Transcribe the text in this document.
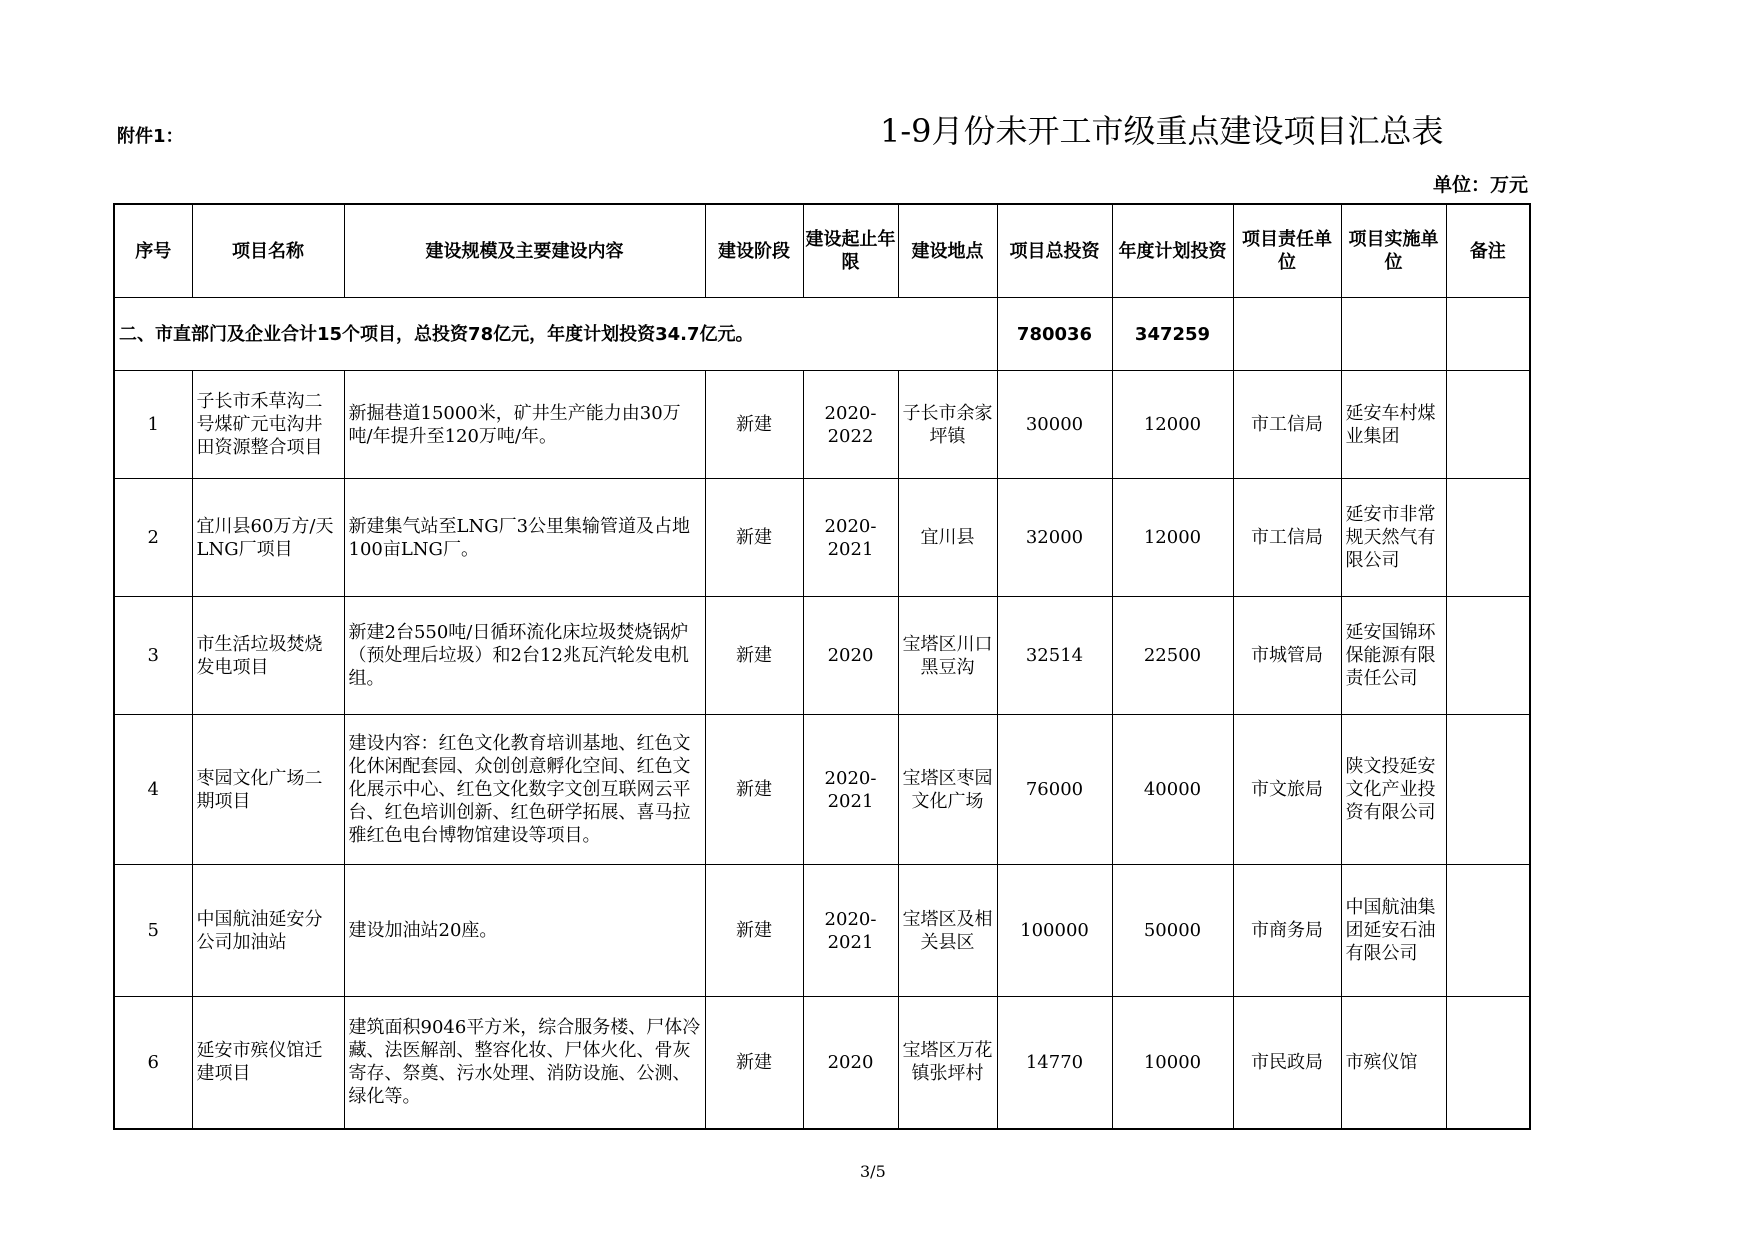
附件1：	1-9月份未开工市级重点建设项目汇总表
单位：万元
序号	项目名称	建设规模及主要建设内容	建设阶段	建设起止年限	建设地点	项目总投资	年度计划投资	项目责任单位	项目实施单位	备注
二、市直部门及企业合计15个项目，总投资78亿元，年度计划投资34.7亿元。						780036	347259			
1	子长市禾草沟二号煤矿元屯沟井田资源整合项目	新掘巷道15000米，矿井生产能力由30万吨/年提升至120万吨/年。	新建	2020-2022	子长市余家坪镇	30000	12000	市工信局	延安车村煤业集团	
2	宜川县60万方/天LNG厂项目	新建集气站至LNG厂3公里集输管道及占地100亩LNG厂。	新建	2020-2021	宜川县	32000	12000	市工信局	延安市非常规天然气有限公司	
3	市生活垃圾焚烧发电项目	新建2台550吨/日循环流化床垃圾焚烧锅炉（预处理后垃圾）和2台12兆瓦汽轮发电机组。	新建	2020	宝塔区川口黑豆沟	32514	22500	市城管局	延安国锦环保能源有限责任公司	
4	枣园文化广场二期项目	建设内容：红色文化教育培训基地、红色文化休闲配套园、众创创意孵化空间、红色文化展示中心、红色文化数字文创互联网云平台、红色培训创新、红色研学拓展、喜马拉雅红色电台博物馆建设等项目。	新建	2020-2021	宝塔区枣园文化广场	76000	40000	市文旅局	陕文投延安文化产业投资有限公司	
5	中国航油延安分公司加油站	建设加油站20座。	新建	2020-2021	宝塔区及相关县区	100000	50000	市商务局	中国航油集团延安石油有限公司	
6	延安市殡仪馆迁建项目	建筑面积9046平方米，综合服务楼、尸体冷藏、法医解剖、整容化妆、尸体火化、骨灰寄存、祭奠、污水处理、消防设施、公测、绿化等。	新建	2020	宝塔区万花镇张坪村	14770	10000	市民政局	市殡仪馆	
3/5
